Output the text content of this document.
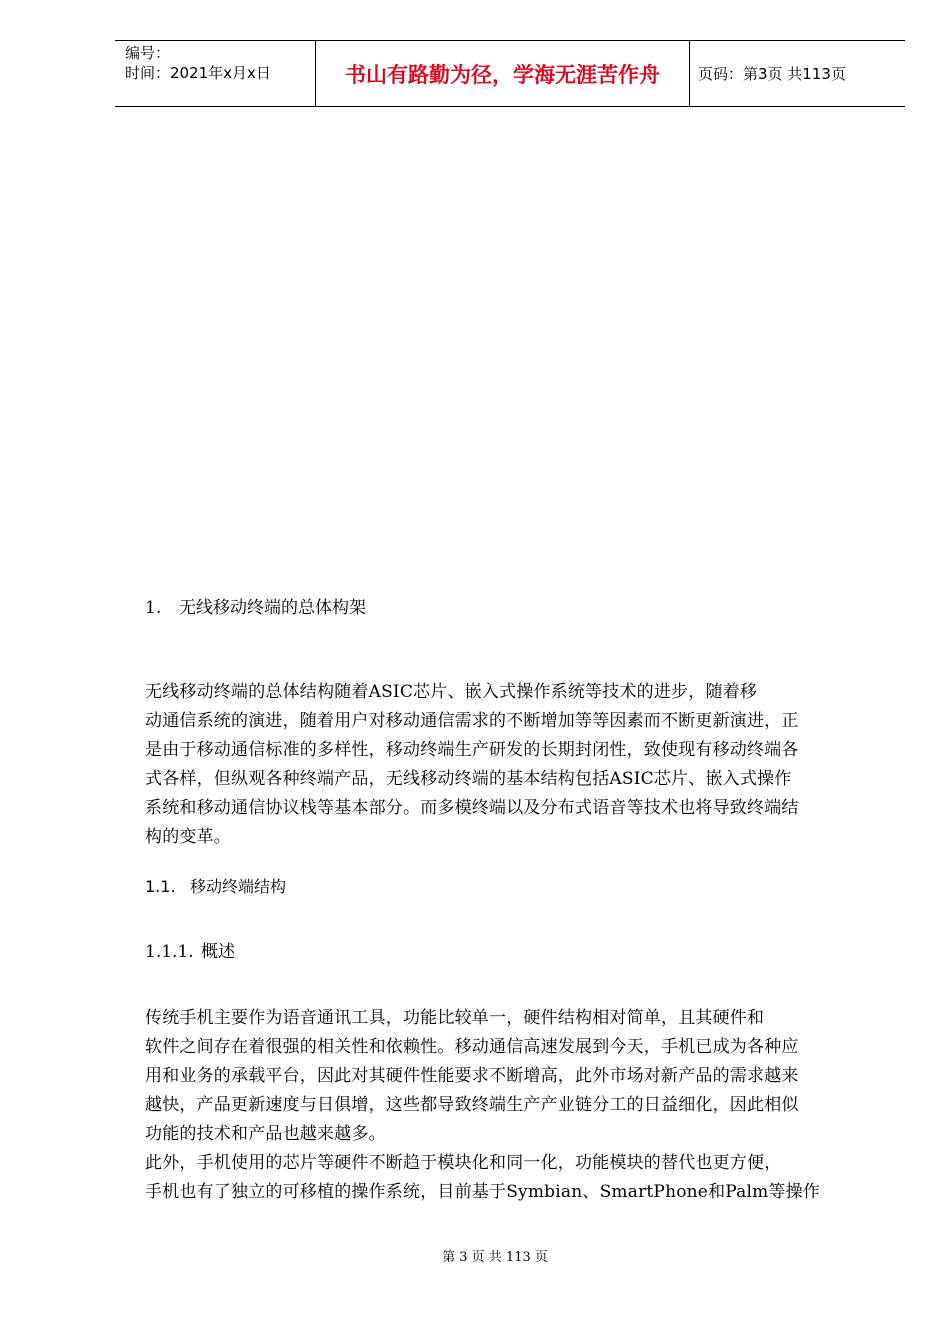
编号：
时间：2021年x月x日	书山有路勤为径，学海无涯苦作舟	页码：第3页 共113页
1. 无线移动终端的总体构架

无线移动终端的总体结构随着ASIC芯片、嵌入式操作系统等技术的进步，随着移

动通信系统的演进，随着用户对移动通信需求的不断增加等等因素而不断更新演进，正

是由于移动通信标准的多样性，移动终端生产研发的长期封闭性，致使现有移动终端各

式各样，但纵观各种终端产品，无线移动终端的基本结构包括ASIC芯片、嵌入式操作

系统和移动通信协议栈等基本部分。而多模终端以及分布式语音等技术也将导致终端结

构的变革。

1.1. 移动终端结构
1.1.1. 概述

传统手机主要作为语音通讯工具，功能比较单一，硬件结构相对简单，且其硬件和

软件之间存在着很强的相关性和依赖性。移动通信高速发展到今天，手机已成为各种应

用和业务的承载平台，因此对其硬件性能要求不断增高，此外市场对新产品的需求越来

越快，产品更新速度与日俱增，这些都导致终端生产产业链分工的日益细化，因此相似

功能的技术和产品也越来越多。

此外，手机使用的芯片等硬件不断趋于模块化和同一化，功能模块的替代也更方便，

手机也有了独立的可移植的操作系统，目前基于Symbian、SmartPhone和Palm等操作

第 3 页 共 113 页
